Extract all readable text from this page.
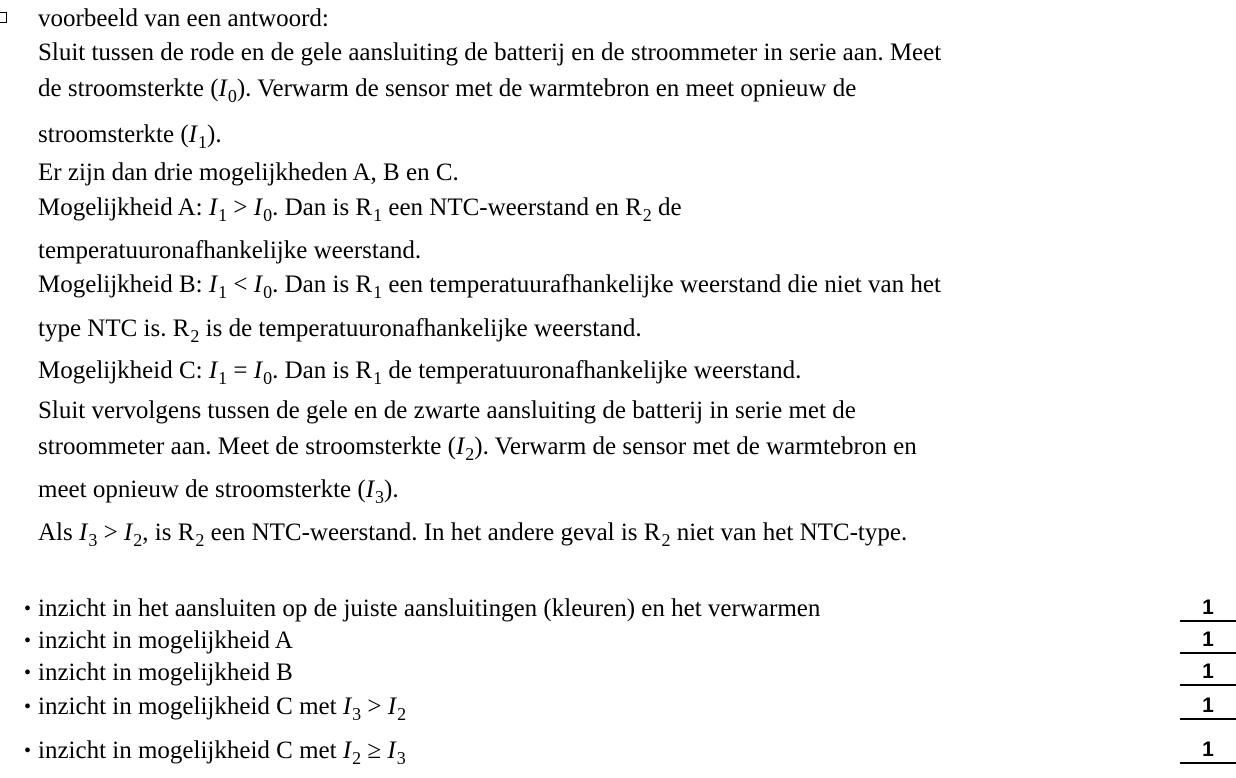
voorbeeld van een antwoord:
Sluit tussen de rode en de gele aansluiting de batterij en de stroommeter in serie aan. Meet
de stroomsterkte $(I_0)$. Verwarm de sensor met de warmtebron en meet opnieuw de
stroomsterkte $(I_1)$.
Er zijn dan drie mogelijkheden A, B en C.
Mogelijkheid A: $I_1 > I_0$. Dan is $R_1$ een NTC-weerstand en $R_2$ de
temperatuuronafhankelijke weerstand.
Mogelijkheid B: $I_1 < I_0$. Dan is $R_1$ een temperatuurafhankelijke weerstand die niet van het
type NTC is. $R_2$ is de temperatuuronafhankelijke weerstand.
Mogelijkheid C: $I_1 = I_0$. Dan is $R_1$ de temperatuuronafhankelijke weerstand.
Sluit vervolgens tussen de gele en de zwarte aansluiting de batterij in serie met de
stroommeter aan. Meet de stroomsterkte $(I_2)$. Verwarm de sensor met de warmtebron en
meet opnieuw de stroomsterkte $(I_3)$.
Als $I_3 > I_2$, is $R_2$ een NTC-weerstand. In het andere geval is $R_2$ niet van het NTC-type.
• inzicht in het aansluiten op de juiste aansluitingen (kleuren) en het verwarmen	1
• inzicht in mogelijkheid A	1
• inzicht in mogelijkheid B	1
• inzicht in mogelijkheid C met $I_3 > I_2$	1
• inzicht in mogelijkheid C met $I_2 \ge I_3$	1
